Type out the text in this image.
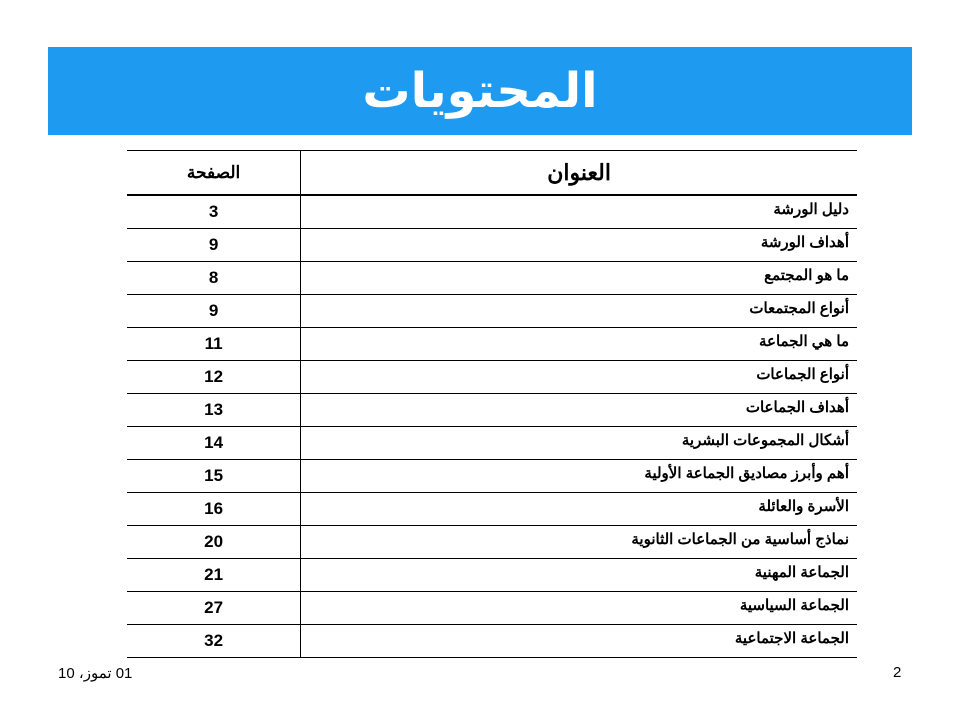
المحتويات
العنوان	الصفحة

دليل الورشة	3

أهداف الورشة	9

ما هو المجتمع	8

أنواع المجتمعات	9

ما هي الجماعة	11

أنواع الجماعات	12

أهداف الجماعات	13

أشكال المجموعات البشرية	14

أهم وأبرز مصاديق الجماعة الأولية	15

الأسرة والعائلة	16

نماذج أساسية من الجماعات الثانوية	20

الجماعة المهنية	21

الجماعة السياسية	27

الجماعة الاجتماعية	32
01 تموز، 10	2
